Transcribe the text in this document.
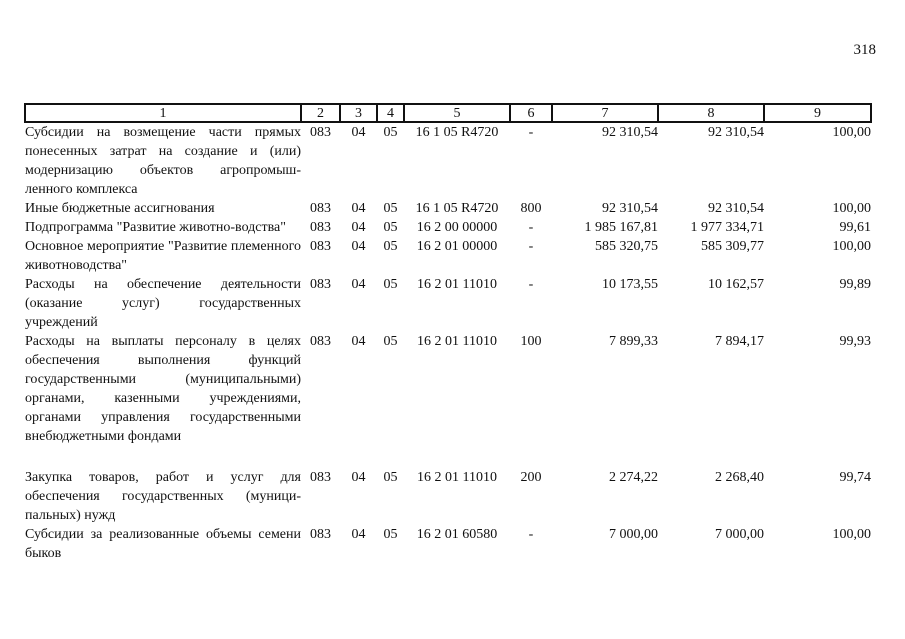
318
1	2	3	4	5	6	7	8	9
Субсидии на возмещение части прямых понесенных затрат на создание и (или) модернизацию объектов агропромыш-ленного комплекса	083	04	05	16 1 05 R4720	-	92 310,54	92 310,54	100,00
Иные бюджетные ассигнования	083	04	05	16 1 05 R4720	800	92 310,54	92 310,54	100,00
Подпрограмма "Развитие животно-водства"	083	04	05	16 2 00 00000	-	1 985 167,81	1 977 334,71	99,61
Основное мероприятие "Развитие племенного животноводства"	083	04	05	16 2 01 00000	-	585 320,75	585 309,77	100,00
Расходы на обеспечение деятельности (оказание услуг) государственных учреждений	083	04	05	16 2 01 11010	-	10 173,55	10 162,57	99,89
Расходы на выплаты персоналу в целях обеспечения выполнения функций государственными (муниципальными) органами, казенными учреждениями, органами управления государственными внебюджетными фондами	083	04	05	16 2 01 11010	100	7 899,33	7 894,17	99,93
Закупка товаров, работ и услуг для обеспечения государственных (муници-пальных) нужд	083	04	05	16 2 01 11010	200	2 274,22	2 268,40	99,74
Субсидии за реализованные объемы семени быков	083	04	05	16 2 01 60580	-	7 000,00	7 000,00	100,00
